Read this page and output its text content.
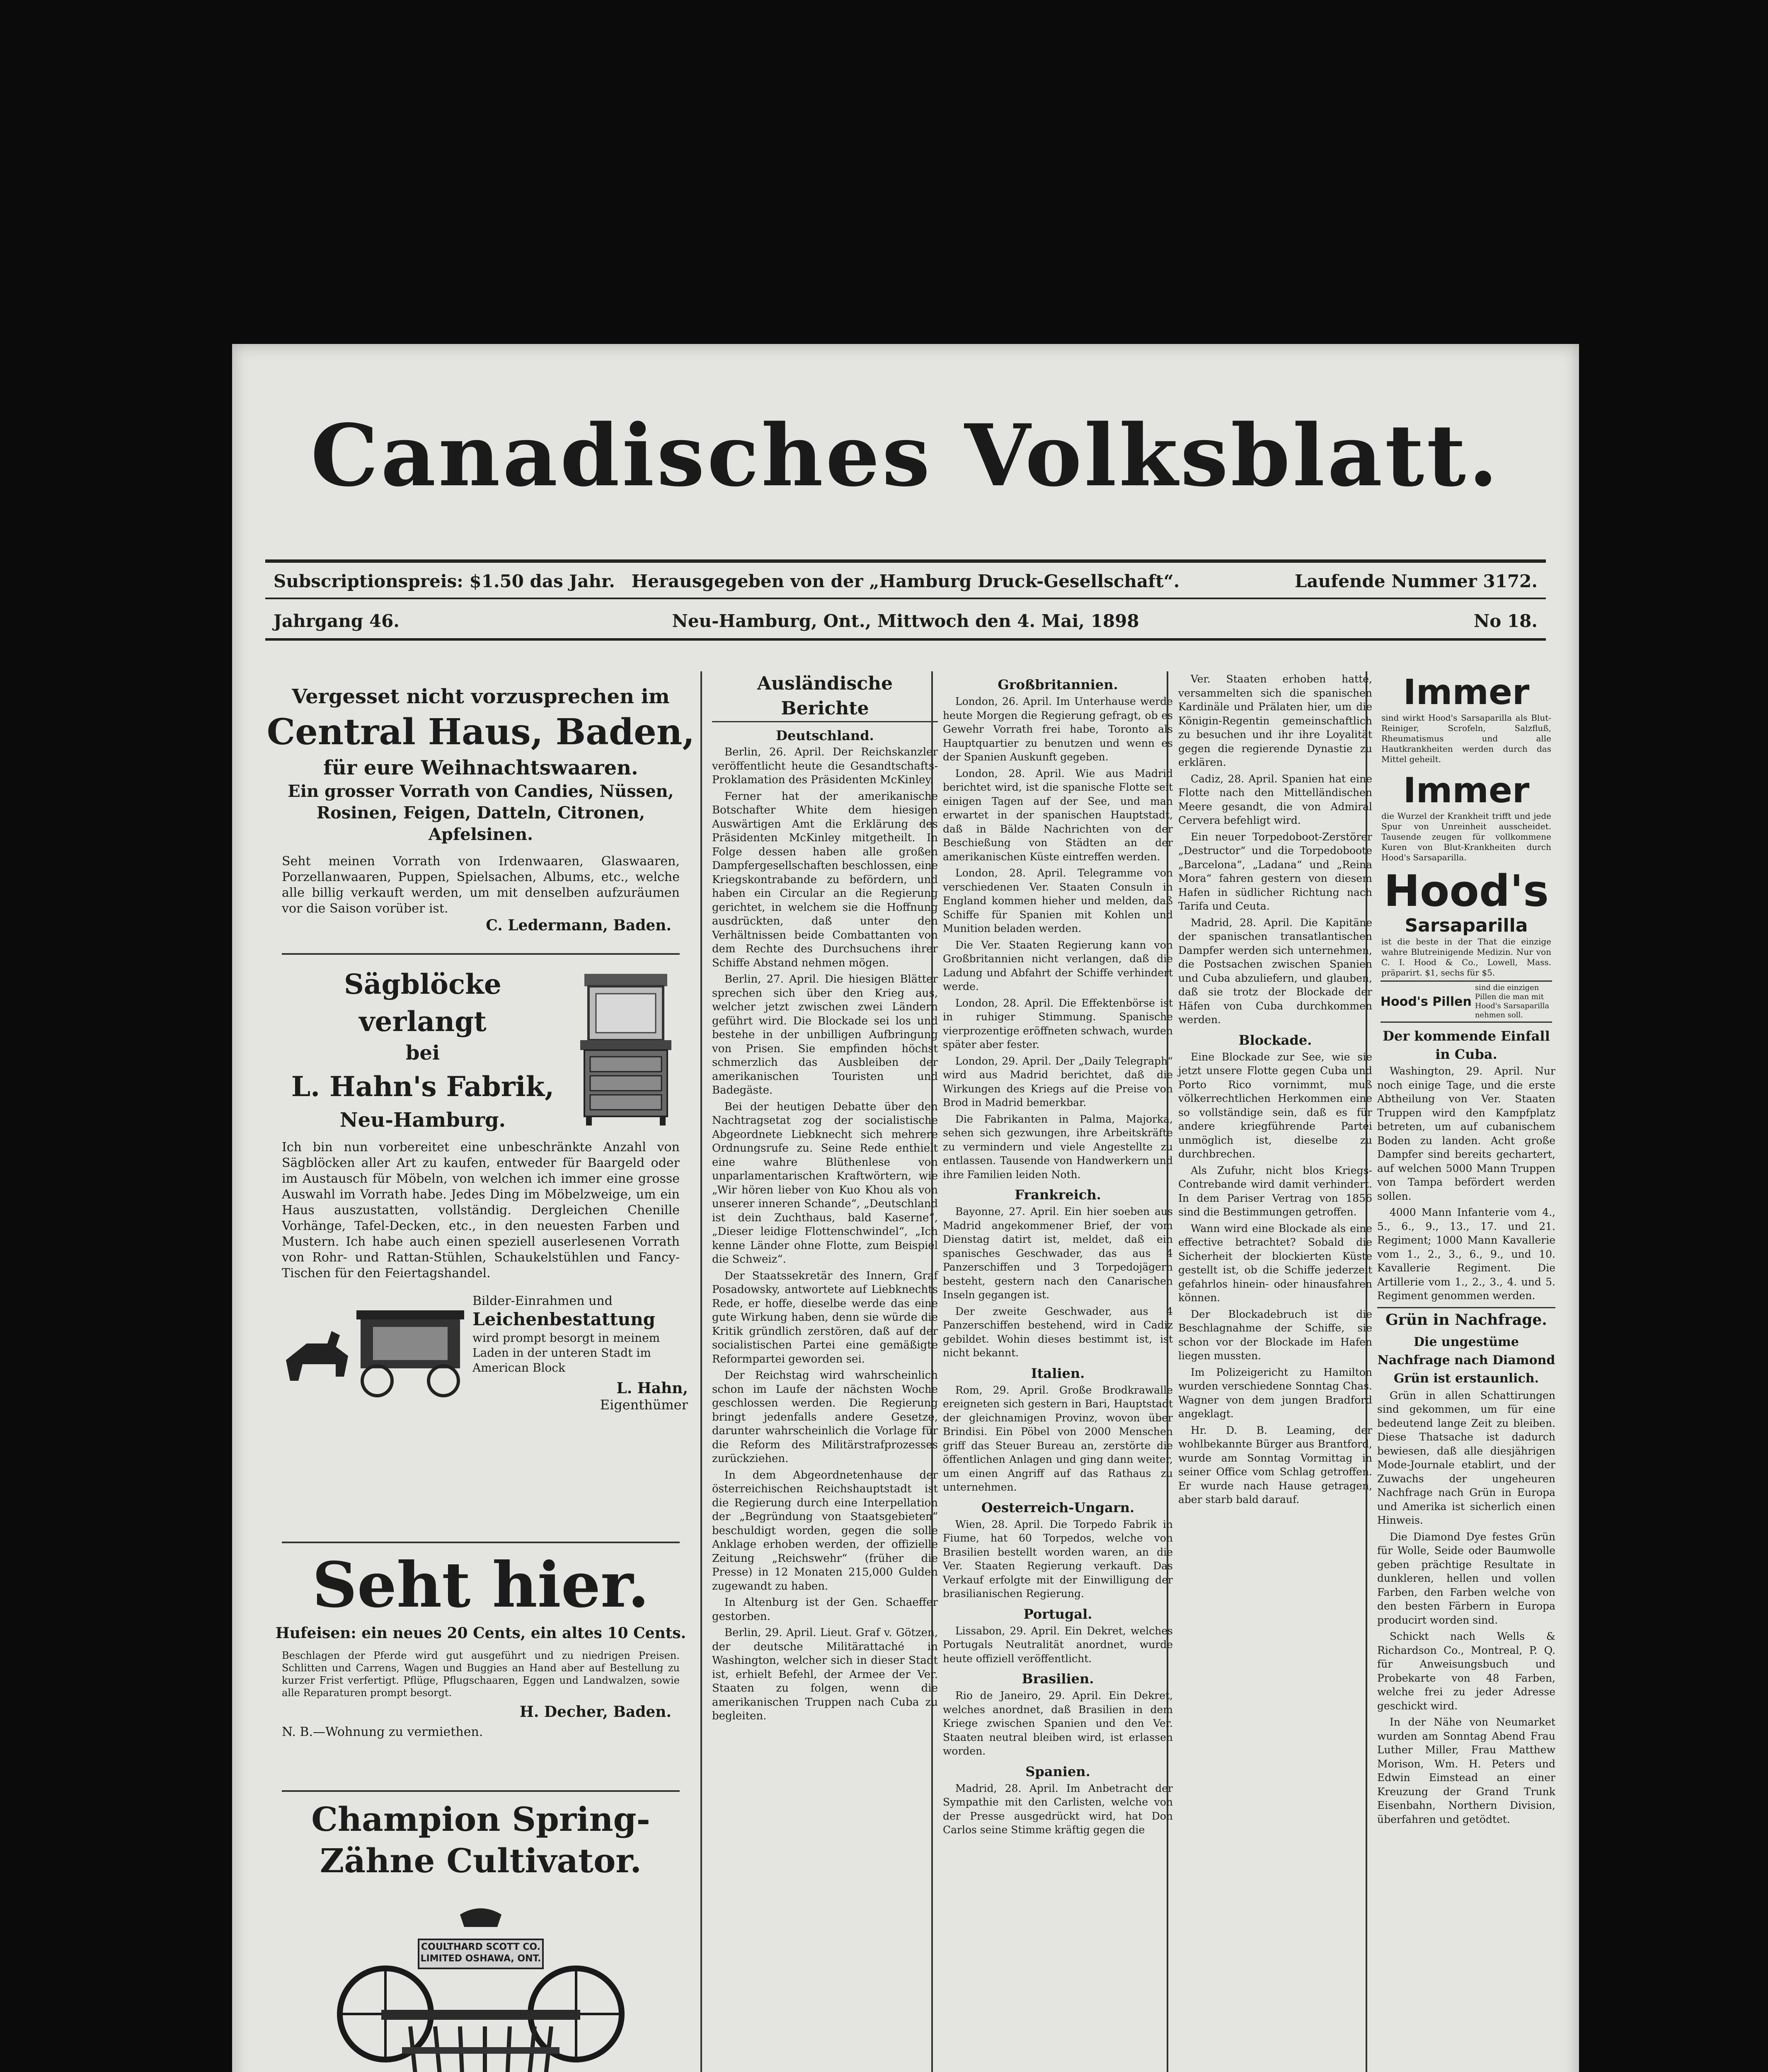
Canadisches Volksblatt.
Subscriptionspreis: $1.50 das Jahr. Herausgegeben von der „Hamburg Druck-Gesellschaft“.	Laufende Nummer 3172.
Jahrgang 46.	Neu-Hamburg, Ont., Mittwoch den 4. Mai, 1898	No 18.
Vergesset nicht vorzusprechen im
Central Haus, Baden,
für eure Weihnachtswaaren.
Ein grosser Vorrath von Candies, Nüssen, Rosinen, Feigen, Datteln, Citronen, Apfelsinen.
Seht meinen Vorrath von Irdenwaaren, Glaswaaren, Porzellanwaaren, Puppen, Spielsachen, Albums, etc., welche alle billig verkauft werden, um mit denselben aufzuräumen vor die Saison vorüber ist.
C. Ledermann, Baden.
Sägblöcke verlangt
bei
L. Hahn's Fabrik,
Neu-Hamburg.
Ich bin nun vorbereitet eine unbeschränkte Anzahl von Sägblöcken aller Art zu kaufen, entweder für Baargeld oder im Austausch für Möbeln, von welchen ich immer eine grosse Auswahl im Vorrath habe. Jedes Ding im Möbelzweige, um ein Haus auszustatten, vollständig. Dergleichen Chenille Vorhänge, Tafel-Decken, etc., in den neuesten Farben und Mustern. Ich habe auch einen speziell auserlesenen Vorrath von Rohr- und Rattan-Stühlen, Schaukelstühlen und Fancy-Tischen für den Feiertagshandel.
Bilder-Einrahmen und
Leichenbestattung
wird prompt besorgt in meinem Laden in der unteren Stadt im American Block
L. Hahn,
Eigenthümer
Seht hier.
Hufeisen: ein neues 20 Cents, ein altes 10 Cents.
Beschlagen der Pferde wird gut ausgeführt und zu niedrigen Preisen. Schlitten und Carrens, Wagen und Buggies an Hand aber auf Bestellung zu kurzer Frist verfertigt. Pflüge, Pflugschaaren, Eggen und Landwalzen, sowie alle Reparaturen prompt besorgt.
H. Decher, Baden.
N. B.—Wohnung zu vermiethen.
Champion Spring-Zähne Cultivator.
COULTHARD SCOTT CO. LIMITED OSHAWA, ONT.
Ausländische Berichte
Deutschland.

Berlin, 26. April. Der Reichskanzler veröffentlicht heute die Gesandtschafts-Proklamation des Präsidenten McKinley.

Ferner hat der amerikanische Botschafter White dem hiesigen Auswärtigen Amt die Erklärung des Präsidenten McKinley mitgetheilt. In Folge dessen haben alle großen Dampfergesellschaften beschlossen, eine Kriegskontrabande zu befördern, und haben ein Circular an die Regierung gerichtet, in welchem sie die Hoffnung ausdrückten, daß unter den Verhältnissen beide Combattanten von dem Rechte des Durchsuchens ihrer Schiffe Abstand nehmen mögen.

Berlin, 27. April. Die hiesigen Blätter sprechen sich über den Krieg aus, welcher jetzt zwischen zwei Ländern geführt wird. Die Blockade sei los und bestehe in der unbilligen Aufbringung von Prisen. Sie empfinden höchst schmerzlich das Ausbleiben der amerikanischen Touristen und Badegäste.

Bei der heutigen Debatte über den Nachtragsetat zog der socialistische Abgeordnete Liebknecht sich mehrere Ordnungsrufe zu. Seine Rede enthielt eine wahre Blüthenlese von unparlamentarischen Kraftwörtern, wie „Wir hören lieber von Kuo Khou als von unserer inneren Schande“, „Deutschland ist dein Zuchthaus, bald Kaserne“, „Dieser leidige Flottenschwindel“, „Ich kenne Länder ohne Flotte, zum Beispiel die Schweiz“.

Der Staatssekretär des Innern, Graf Posadowsky, antwortete auf Liebknechts Rede, er hoffe, dieselbe werde das eine gute Wirkung haben, denn sie würde die Kritik gründlich zerstören, daß auf der socialistischen Partei eine gemäßigte Reformpartei geworden sei.

Der Reichstag wird wahrscheinlich schon im Laufe der nächsten Woche geschlossen werden. Die Regierung bringt jedenfalls andere Gesetze, darunter wahrscheinlich die Vorlage für die Reform des Militärstrafprozesses zurückziehen.

In dem Abgeordnetenhause der österreichischen Reichshauptstadt ist die Regierung durch eine Interpellation der „Begründung von Staatsgebieten“ beschuldigt worden, gegen die solle Anklage erhoben werden, der offizielle Zeitung „Reichswehr“ (früher die Presse) in 12 Monaten 215,000 Gulden zugewandt zu haben.

In Altenburg ist der Gen. Schaeffer gestorben.

Berlin, 29. April. Lieut. Graf v. Götzen, der deutsche Militärattaché in Washington, welcher sich in dieser Stadt ist, erhielt Befehl, der Armee der Ver. Staaten zu folgen, wenn die amerikanischen Truppen nach Cuba zu begleiten.

Großbritannien.

London, 26. April. Im Unterhause werde heute Morgen die Regierung gefragt, ob es Gewehr Vorrath frei habe, Toronto als Hauptquartier zu benutzen und wenn es der Spanien Auskunft gegeben.

London, 28. April. Wie aus Madrid berichtet wird, ist die spanische Flotte seit einigen Tagen auf der See, und man erwartet in der spanischen Hauptstadt, daß in Bälde Nachrichten von der Beschießung von Städten an der amerikanischen Küste eintreffen werden.

London, 28. April. Telegramme von verschiedenen Ver. Staaten Consuln in England kommen hieher und melden, daß Schiffe für Spanien mit Kohlen und Munition beladen werden.

Die Ver. Staaten Regierung kann von Großbritannien nicht verlangen, daß die Ladung und Abfahrt der Schiffe verhindert werde.

London, 28. April. Die Effektenbörse ist in ruhiger Stimmung. Spanische vierprozentige eröffneten schwach, wurden später aber fester.

London, 29. April. Der „Daily Telegraph“ wird aus Madrid berichtet, daß die Wirkungen des Kriegs auf die Preise von Brod in Madrid bemerkbar.

Die Fabrikanten in Palma, Majorka, sehen sich gezwungen, ihre Arbeitskräfte zu vermindern und viele Angestellte zu entlassen. Tausende von Handwerkern und ihre Familien leiden Noth.

Frankreich.

Bayonne, 27. April. Ein hier soeben aus Madrid angekommener Brief, der vom Dienstag datirt ist, meldet, daß ein spanisches Geschwader, das aus 4 Panzerschiffen und 3 Torpedojägern besteht, gestern nach den Canarischen Inseln gegangen ist.

Der zweite Geschwader, aus 4 Panzerschiffen bestehend, wird in Cadiz gebildet. Wohin dieses bestimmt ist, ist nicht bekannt.

Italien.

Rom, 29. April. Große Brodkrawalle ereigneten sich gestern in Bari, Hauptstadt der gleichnamigen Provinz, wovon über Brindisi. Ein Pöbel von 2000 Menschen griff das Steuer Bureau an, zerstörte die öffentlichen Anlagen und ging dann weiter, um einen Angriff auf das Rathaus zu unternehmen.

Oesterreich-Ungarn.

Wien, 28. April. Die Torpedo Fabrik in Fiume, hat 60 Torpedos, welche von Brasilien bestellt worden waren, an die Ver. Staaten Regierung verkauft. Das Verkauf erfolgte mit der Einwilligung der brasilianischen Regierung.

Portugal.

Lissabon, 29. April. Ein Dekret, welches Portugals Neutralität anordnet, wurde heute offiziell veröffentlicht.

Brasilien.

Rio de Janeiro, 29. April. Ein Dekret, welches anordnet, daß Brasilien in dem Kriege zwischen Spanien und den Ver. Staaten neutral bleiben wird, ist erlassen worden.

Spanien.

Madrid, 28. April. Im Anbetracht der Sympathie mit den Carlisten, welche von der Presse ausgedrückt wird, hat Don Carlos seine Stimme kräftig gegen die

Ver. Staaten erhoben hatte, versammelten sich die spanischen Kardinäle und Prälaten hier, um die Königin-Regentin gemeinschaftlich zu besuchen und ihr ihre Loyalität gegen die regierende Dynastie zu erklären.

Cadiz, 28. April. Spanien hat eine Flotte nach den Mittelländischen Meere gesandt, die von Admiral Cervera befehligt wird.

Ein neuer Torpedoboot-Zerstörer „Destructor“ und die Torpedoboote „Barcelona“, „Ladana“ und „Reina Mora“ fahren gestern von diesem Hafen in südlicher Richtung nach Tarifa und Ceuta.

Madrid, 28. April. Die Kapitäne der spanischen transatlantischen Dampfer werden sich unternehmen, die Postsachen zwischen Spanien und Cuba abzuliefern, und glauben, daß sie trotz der Blockade der Häfen von Cuba durchkommen werden.

Blockade.

Eine Blockade zur See, wie sie jetzt unsere Flotte gegen Cuba und Porto Rico vornimmt, muß völkerrechtlichen Herkommen eine so vollständige sein, daß es für andere kriegführende Partei unmöglich ist, dieselbe zu durchbrechen.

Als Zufuhr, nicht blos Kriegs-Contrebande wird damit verhindert. In dem Pariser Vertrag von 1856 sind die Bestimmungen getroffen.

Wann wird eine Blockade als eine effective betrachtet? Sobald die Sicherheit der blockierten Küste gestellt ist, ob die Schiffe jederzeit gefahrlos hinein- oder hinausfahren können.

Der Blockadebruch ist die Beschlagnahme der Schiffe, sie schon vor der Blockade im Hafen liegen mussten.

Im Polizeigericht zu Hamilton wurden verschiedene Sonntag Chas. Wagner von dem jungen Bradford angeklagt.

Hr. D. B. Leaming, der wohlbekannte Bürger aus Brantford, wurde am Sonntag Vormittag in seiner Office vom Schlag getroffen. Er wurde nach Hause getragen, aber starb bald darauf.

Immer
sind wirkt Hood's Sarsaparilla als Blut-Reiniger, Scrofeln, Salzfluß, Rheumatismus und alle Hautkrankheiten werden durch das Mittel geheilt.
Immer
die Wurzel der Krankheit trifft und jede Spur von Unreinheit ausscheidet. Tausende zeugen für vollkommene Kuren von Blut-Krankheiten durch Hood's Sarsaparilla.
Hood's
Sarsaparilla
ist die beste in der That die einzige wahre Blutreinigende Medizin. Nur von C. I. Hood & Co., Lowell, Mass. präparirt. $1, sechs für $5.
Hood's Pillen
sind die einzigen Pillen die man mit Hood's Sarsaparilla nehmen soll.
Der kommende Einfall in Cuba.

Washington, 29. April. Nur noch einige Tage, und die erste Abtheilung von Ver. Staaten Truppen wird den Kampfplatz betreten, um auf cubanischem Boden zu landen. Acht große Dampfer sind bereits gechartert, auf welchen 5000 Mann Truppen von Tampa befördert werden sollen.

4000 Mann Infanterie vom 4., 5., 6., 9., 13., 17. und 21. Regiment; 1000 Mann Kavallerie vom 1., 2., 3., 6., 9., und 10. Kavallerie Regiment. Die Artillerie vom 1., 2., 3., 4. und 5. Regiment genommen werden.

Grün in Nachfrage.
Die ungestüme Nachfrage nach Diamond Grün ist erstaunlich.

Grün in allen Schattirungen sind gekommen, um für eine bedeutend lange Zeit zu bleiben. Diese Thatsache ist dadurch bewiesen, daß alle diesjährigen Mode-Journale etablirt, und der Zuwachs der ungeheuren Nachfrage nach Grün in Europa und Amerika ist sicherlich einen Hinweis.

Die Diamond Dye festes Grün für Wolle, Seide oder Baumwolle geben prächtige Resultate in dunkleren, hellen und vollen Farben, den Farben welche von den besten Färbern in Europa producirt worden sind.

Schickt nach Wells & Richardson Co., Montreal, P. Q. für Anweisungsbuch und Probekarte von 48 Farben, welche frei zu jeder Adresse geschickt wird.

In der Nähe von Neumarket wurden am Sonntag Abend Frau Luther Miller, Frau Matthew Morison, Wm. H. Peters und Edwin Eimstead an einer Kreuzung der Grand Trunk Eisenbahn, Northern Division, überfahren und getödtet.
